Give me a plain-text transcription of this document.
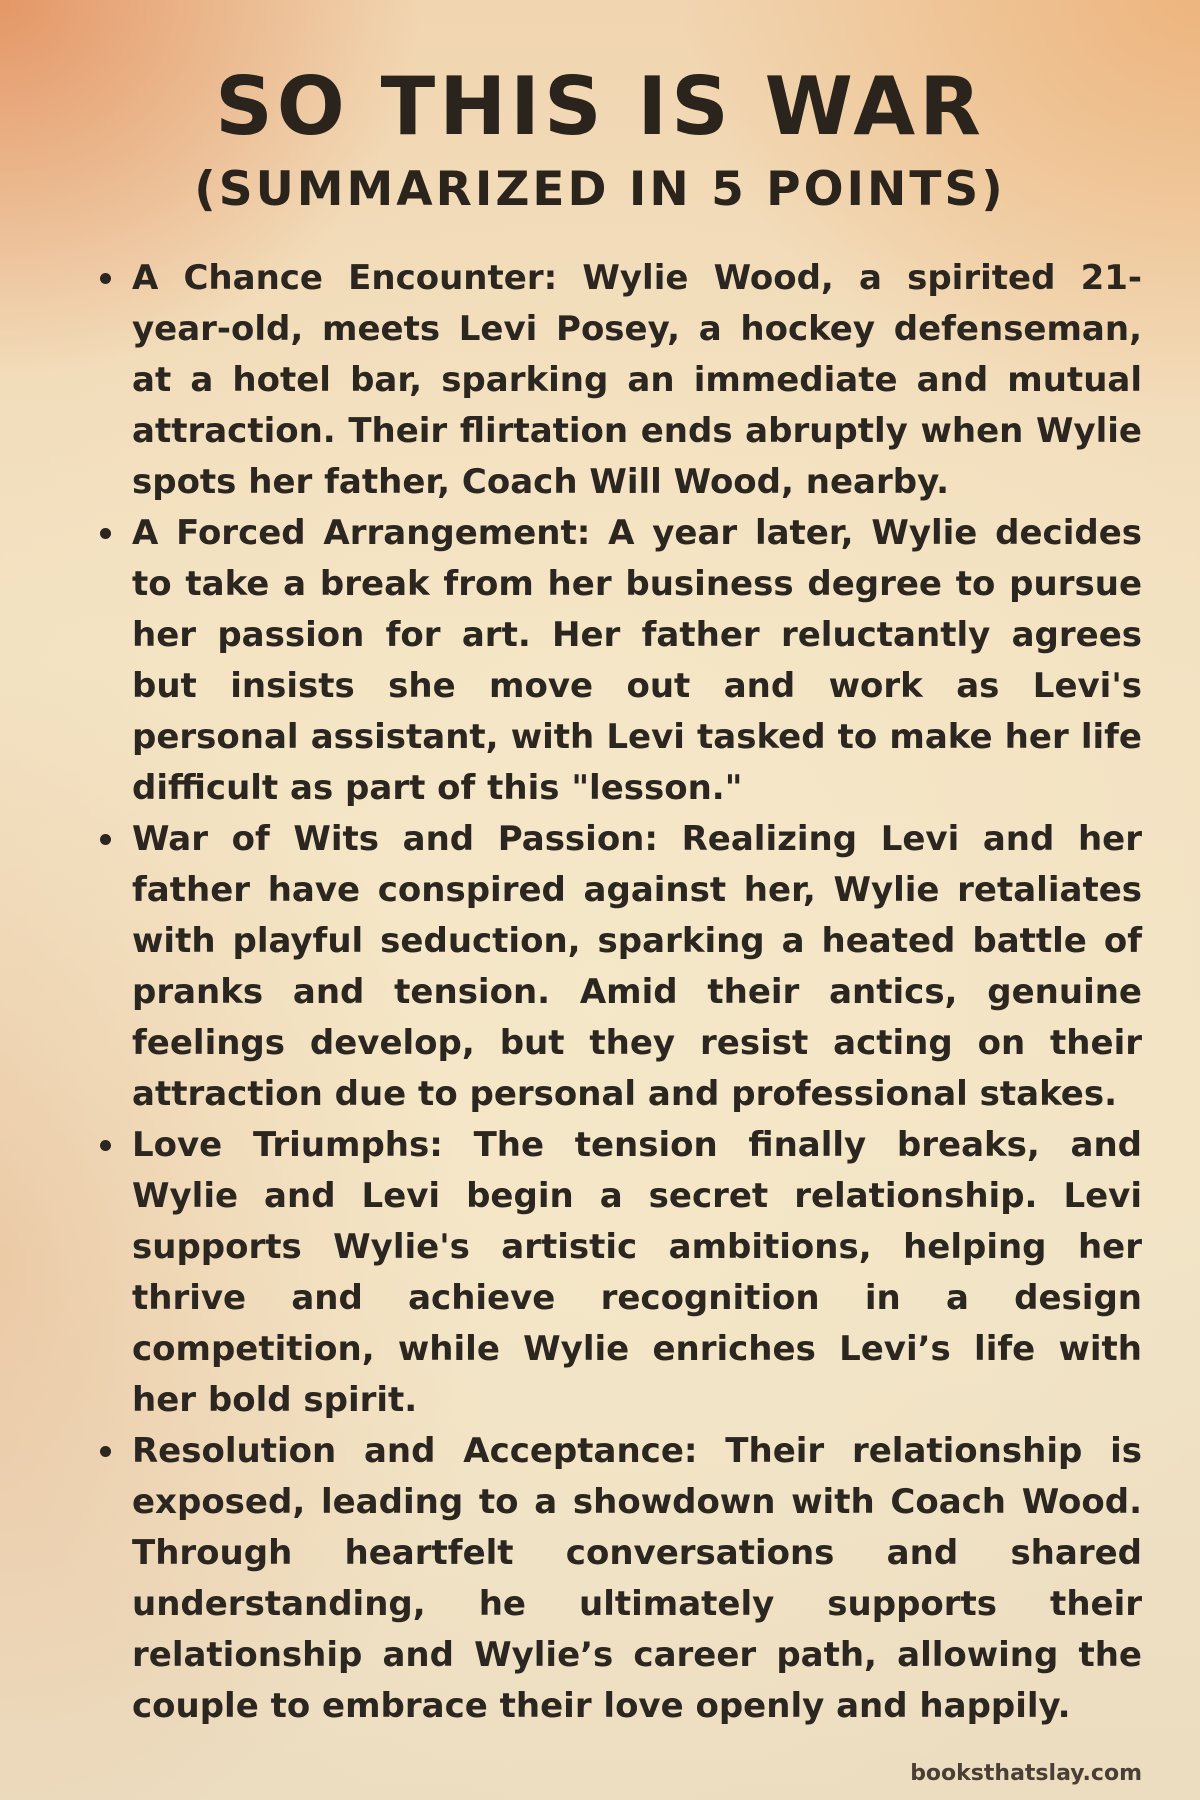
SO THIS IS WAR
(SUMMARIZED IN 5 POINTS)
A Chance Encounter: Wylie Wood, a spirited 21-year-old, meets Levi Posey, a hockey defenseman, at a hotel bar, sparking an immediate and mutual attraction. Their flirtation ends abruptly when Wylie spots her father, Coach Will Wood, nearby.
A Forced Arrangement: A year later, Wylie decides to take a break from her business degree to pursue her passion for art. Her father reluctantly agrees but insists she move out and work as Levi's personal assistant, with Levi tasked to make her life difficult as part of this "lesson."
War of Wits and Passion: Realizing Levi and her father have conspired against her, Wylie retaliates with playful seduction, sparking a heated battle of pranks and tension. Amid their antics, genuine feelings develop, but they resist acting on their attraction due to personal and professional stakes.
Love Triumphs: The tension finally breaks, and Wylie and Levi begin a secret relationship. Levi supports Wylie's artistic ambitions, helping her thrive and achieve recognition in a design competition, while Wylie enriches Levi’s life with her bold spirit.
Resolution and Acceptance: Their relationship is exposed, leading to a showdown with Coach Wood. Through heartfelt conversations and shared understanding, he ultimately supports their relationship and Wylie’s career path, allowing the couple to embrace their love openly and happily.
booksthatslay.com
